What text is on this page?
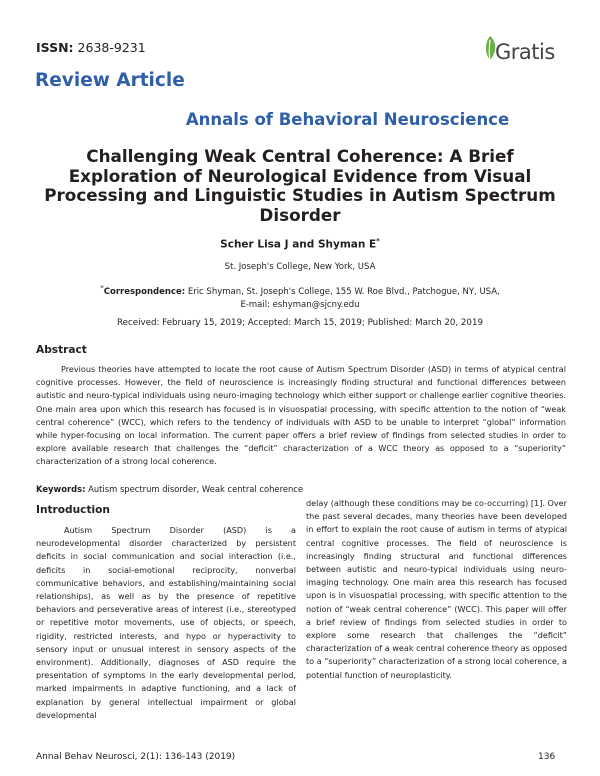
ISSN: 2638-9231	Gratis
Review Article
Annals of Behavioral Neuroscience
Challenging Weak Central Coherence: A Brief Exploration of Neurological Evidence from Visual Processing and Linguistic Studies in Autism Spectrum Disorder
Scher Lisa J and Shyman E*
St. Joseph's College, New York, USA
*Correspondence: Eric Shyman, St. Joseph's College, 155 W. Roe Blvd., Patchogue, NY, USA,
E-mail: eshyman@sjcny.edu
Received: February 15, 2019; Accepted: March 15, 2019; Published: March 20, 2019
Abstract
Previous theories have attempted to locate the root cause of Autism Spectrum Disorder (ASD) in terms of atypical central cognitive processes. However, the field of neuroscience is increasingly finding structural and functional differences between autistic and neuro-typical individuals using neuro-imaging technology which either support or challenge earlier cognitive theories. One main area upon which this research has focused is in visuospatial processing, with specific attention to the notion of “weak central coherence” (WCC), which refers to the tendency of individuals with ASD to be unable to interpret “global” information while hyper-focusing on local information. The current paper offers a brief review of findings from selected studies in order to explore available research that challenges the “deficit” characterization of a WCC theory as opposed to a “superiority” characterization of a strong local coherence.
Keywords: Autism spectrum disorder, Weak central coherence
Introduction
Autism Spectrum Disorder (ASD) is a neurodevelopmental disorder characterized by persistent deficits in social communication and social interaction (i.e., deficits in social-emotional reciprocity, nonverbal communicative behaviors, and establishing/maintaining social relationships), as well as by the presence of repetitive behaviors and perseverative areas of interest (i.e., stereotyped or repetitive motor movements, use of objects, or speech, rigidity, restricted interests, and hypo or hyperactivity to sensory input or unusual interest in sensory aspects of the environment). Additionally, diagnoses of ASD require the presentation of symptoms in the early developmental period, marked impairments in adaptive functioning, and a lack of explanation by general intellectual impairment or global developmental
delay (although these conditions may be co-occurring) [1]. Over the past several decades, many theories have been developed in effort to explain the root cause of autism in terms of atypical central cognitive processes. The field of neuroscience is increasingly finding structural and functional differences between autistic and neuro-typical individuals using neuro-imaging technology. One main area this research has focused upon is in visuospatial processing, with specific attention to the notion of “weak central coherence” (WCC). This paper will offer a brief review of findings from selected studies in order to explore some research that challenges the “deficit” characterization of a weak central coherence theory as opposed to a “superiority” characterization of a strong local coherence, a potential function of neuroplasticity.
Annal Behav Neurosci, 2(1): 136-143 (2019)	136
